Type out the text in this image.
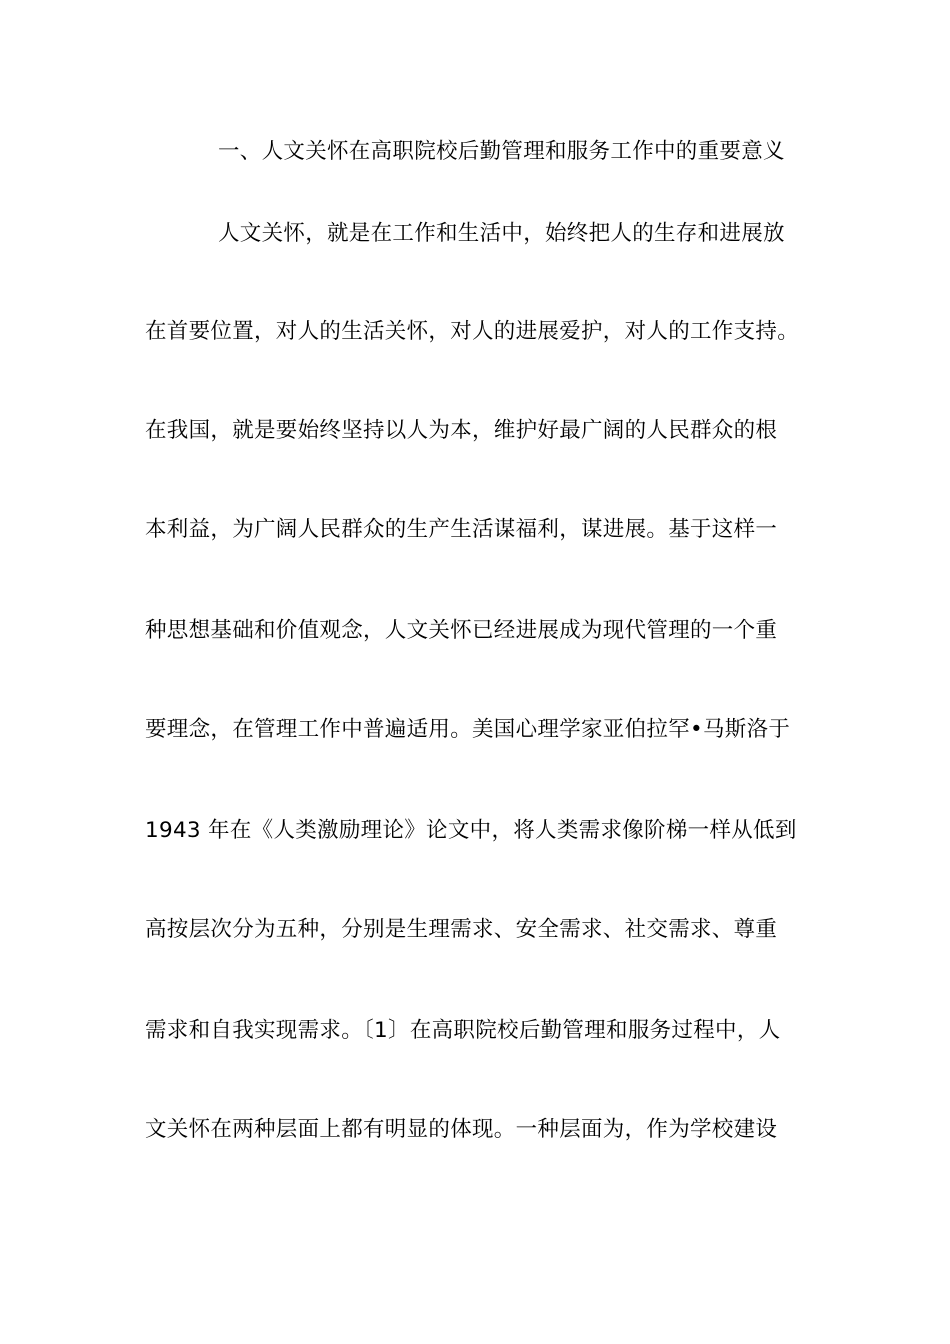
一、人文关怀在高职院校后勤管理和服务工作中的重要意义
人文关怀，就是在工作和生活中，始终把人的生存和进展放
在首要位置，对人的生活关怀，对人的进展爱护，对人的工作支持。
在我国，就是要始终坚持以人为本，维护好最广阔的人民群众的根
本利益，为广阔人民群众的生产生活谋福利，谋进展。基于这样一
种思想基础和价值观念，人文关怀已经进展成为现代管理的一个重
要理念，在管理工作中普遍适用。美国心理学家亚伯拉罕•马斯洛于
1943 年在《人类激励理论》论文中，将人类需求像阶梯一样从低到
高按层次分为五种，分别是生理需求、安全需求、社交需求、尊重
需求和自我实现需求。〔1〕在高职院校后勤管理和服务过程中，人
文关怀在两种层面上都有明显的体现。一种层面为，作为学校建设
